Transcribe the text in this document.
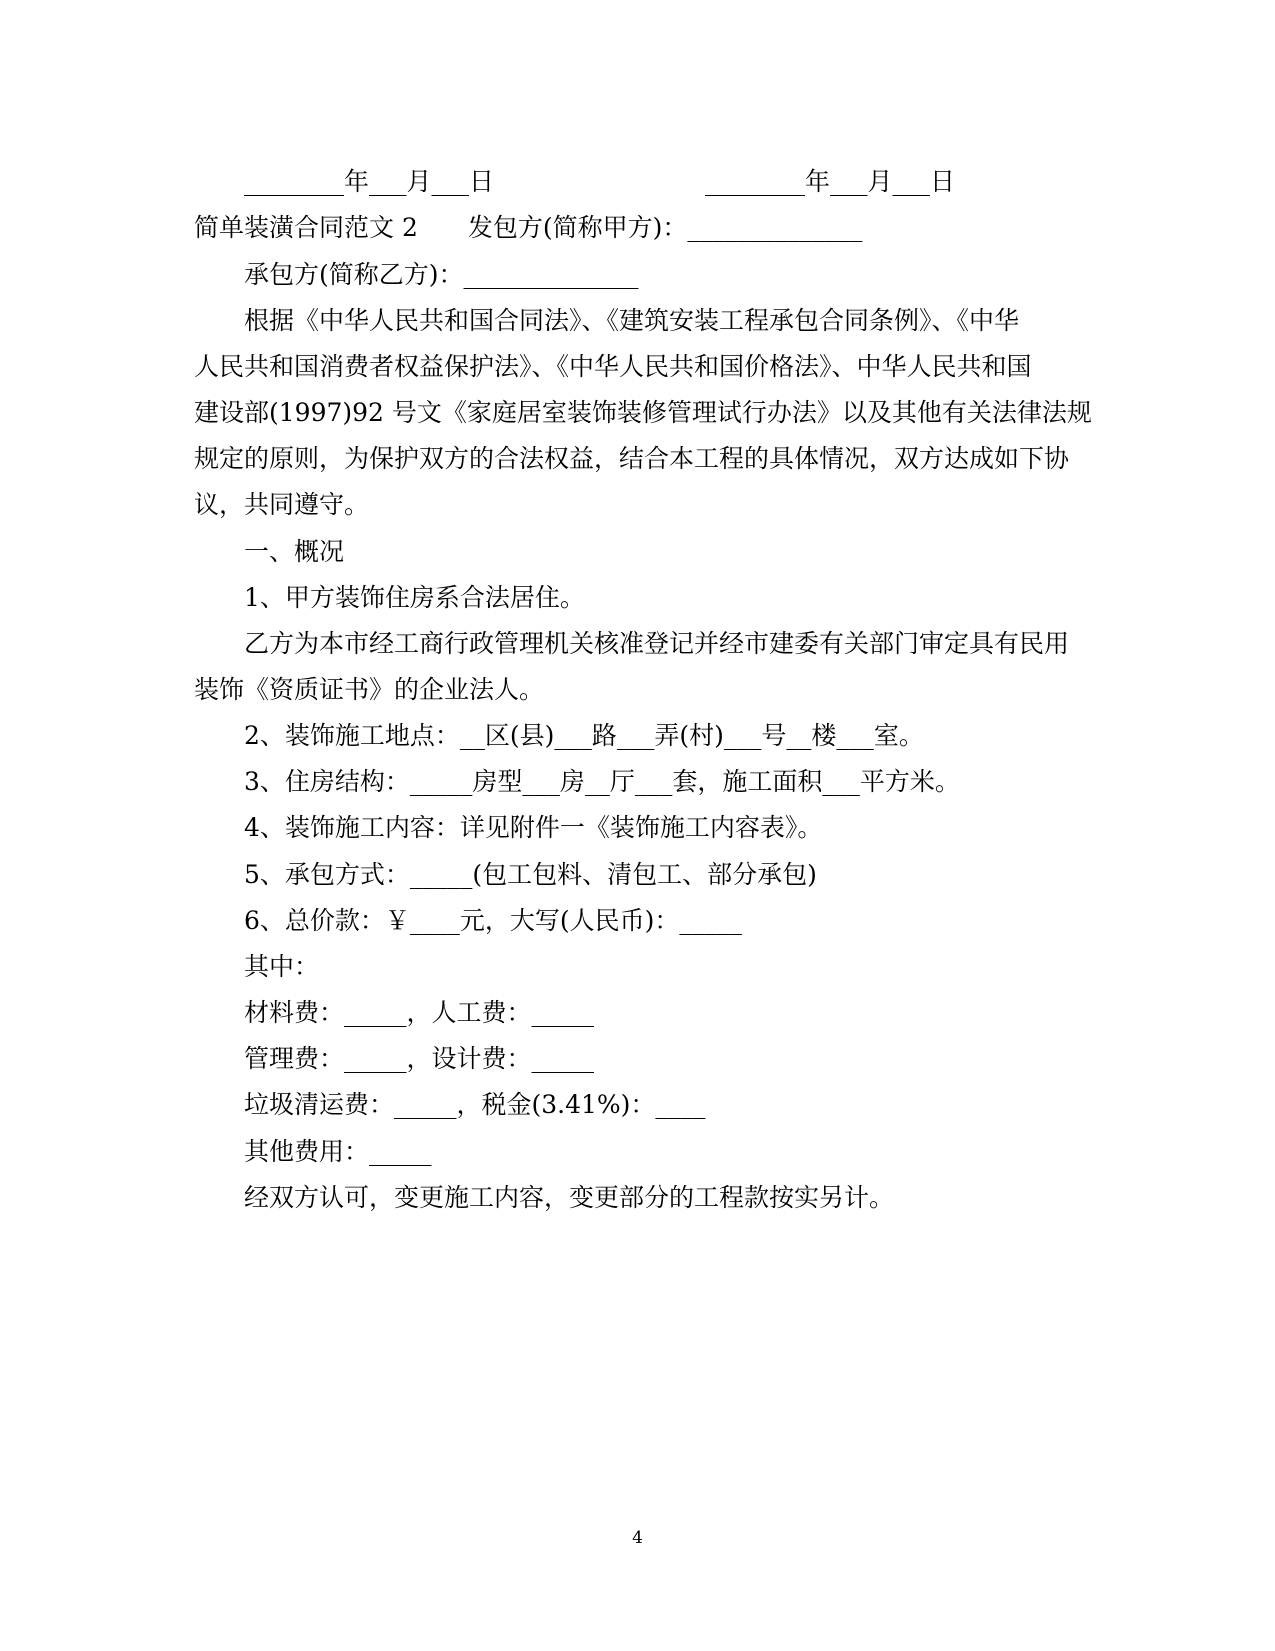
________年___月___日	________年___月___日
简单装潢合同范文 2　　发包方(简称甲方)：______________
承包方(简称乙方)：______________
根据《中华人民共和国合同法》、《建筑安装工程承包合同条例》、《中华
人民共和国消费者权益保护法》、《中华人民共和国价格法》、中华人民共和国
建设部(1997)92 号文《家庭居室装饰装修管理试行办法》以及其他有关法律法规
规定的原则，为保护双方的合法权益，结合本工程的具体情况，双方达成如下协
议，共同遵守。
一、概况
1、甲方装饰住房系合法居住。
乙方为本市经工商行政管理机关核准登记并经市建委有关部门审定具有民用
装饰《资质证书》的企业法人。
2、装饰施工地点：__区(县)___路___弄(村)___号__楼___室。
3、住房结构：_____房型___房__厅___套，施工面积___平方米。
4、装饰施工内容：详见附件一《装饰施工内容表》。
5、承包方式：_____(包工包料、清包工、部分承包)
6、总价款：￥____元，大写(人民币)：_____
其中：
材料费：_____，人工费：_____
管理费：_____，设计费：_____
垃圾清运费：_____，税金(3.41%)：____
其他费用：_____
经双方认可，变更施工内容，变更部分的工程款按实另计。
4
